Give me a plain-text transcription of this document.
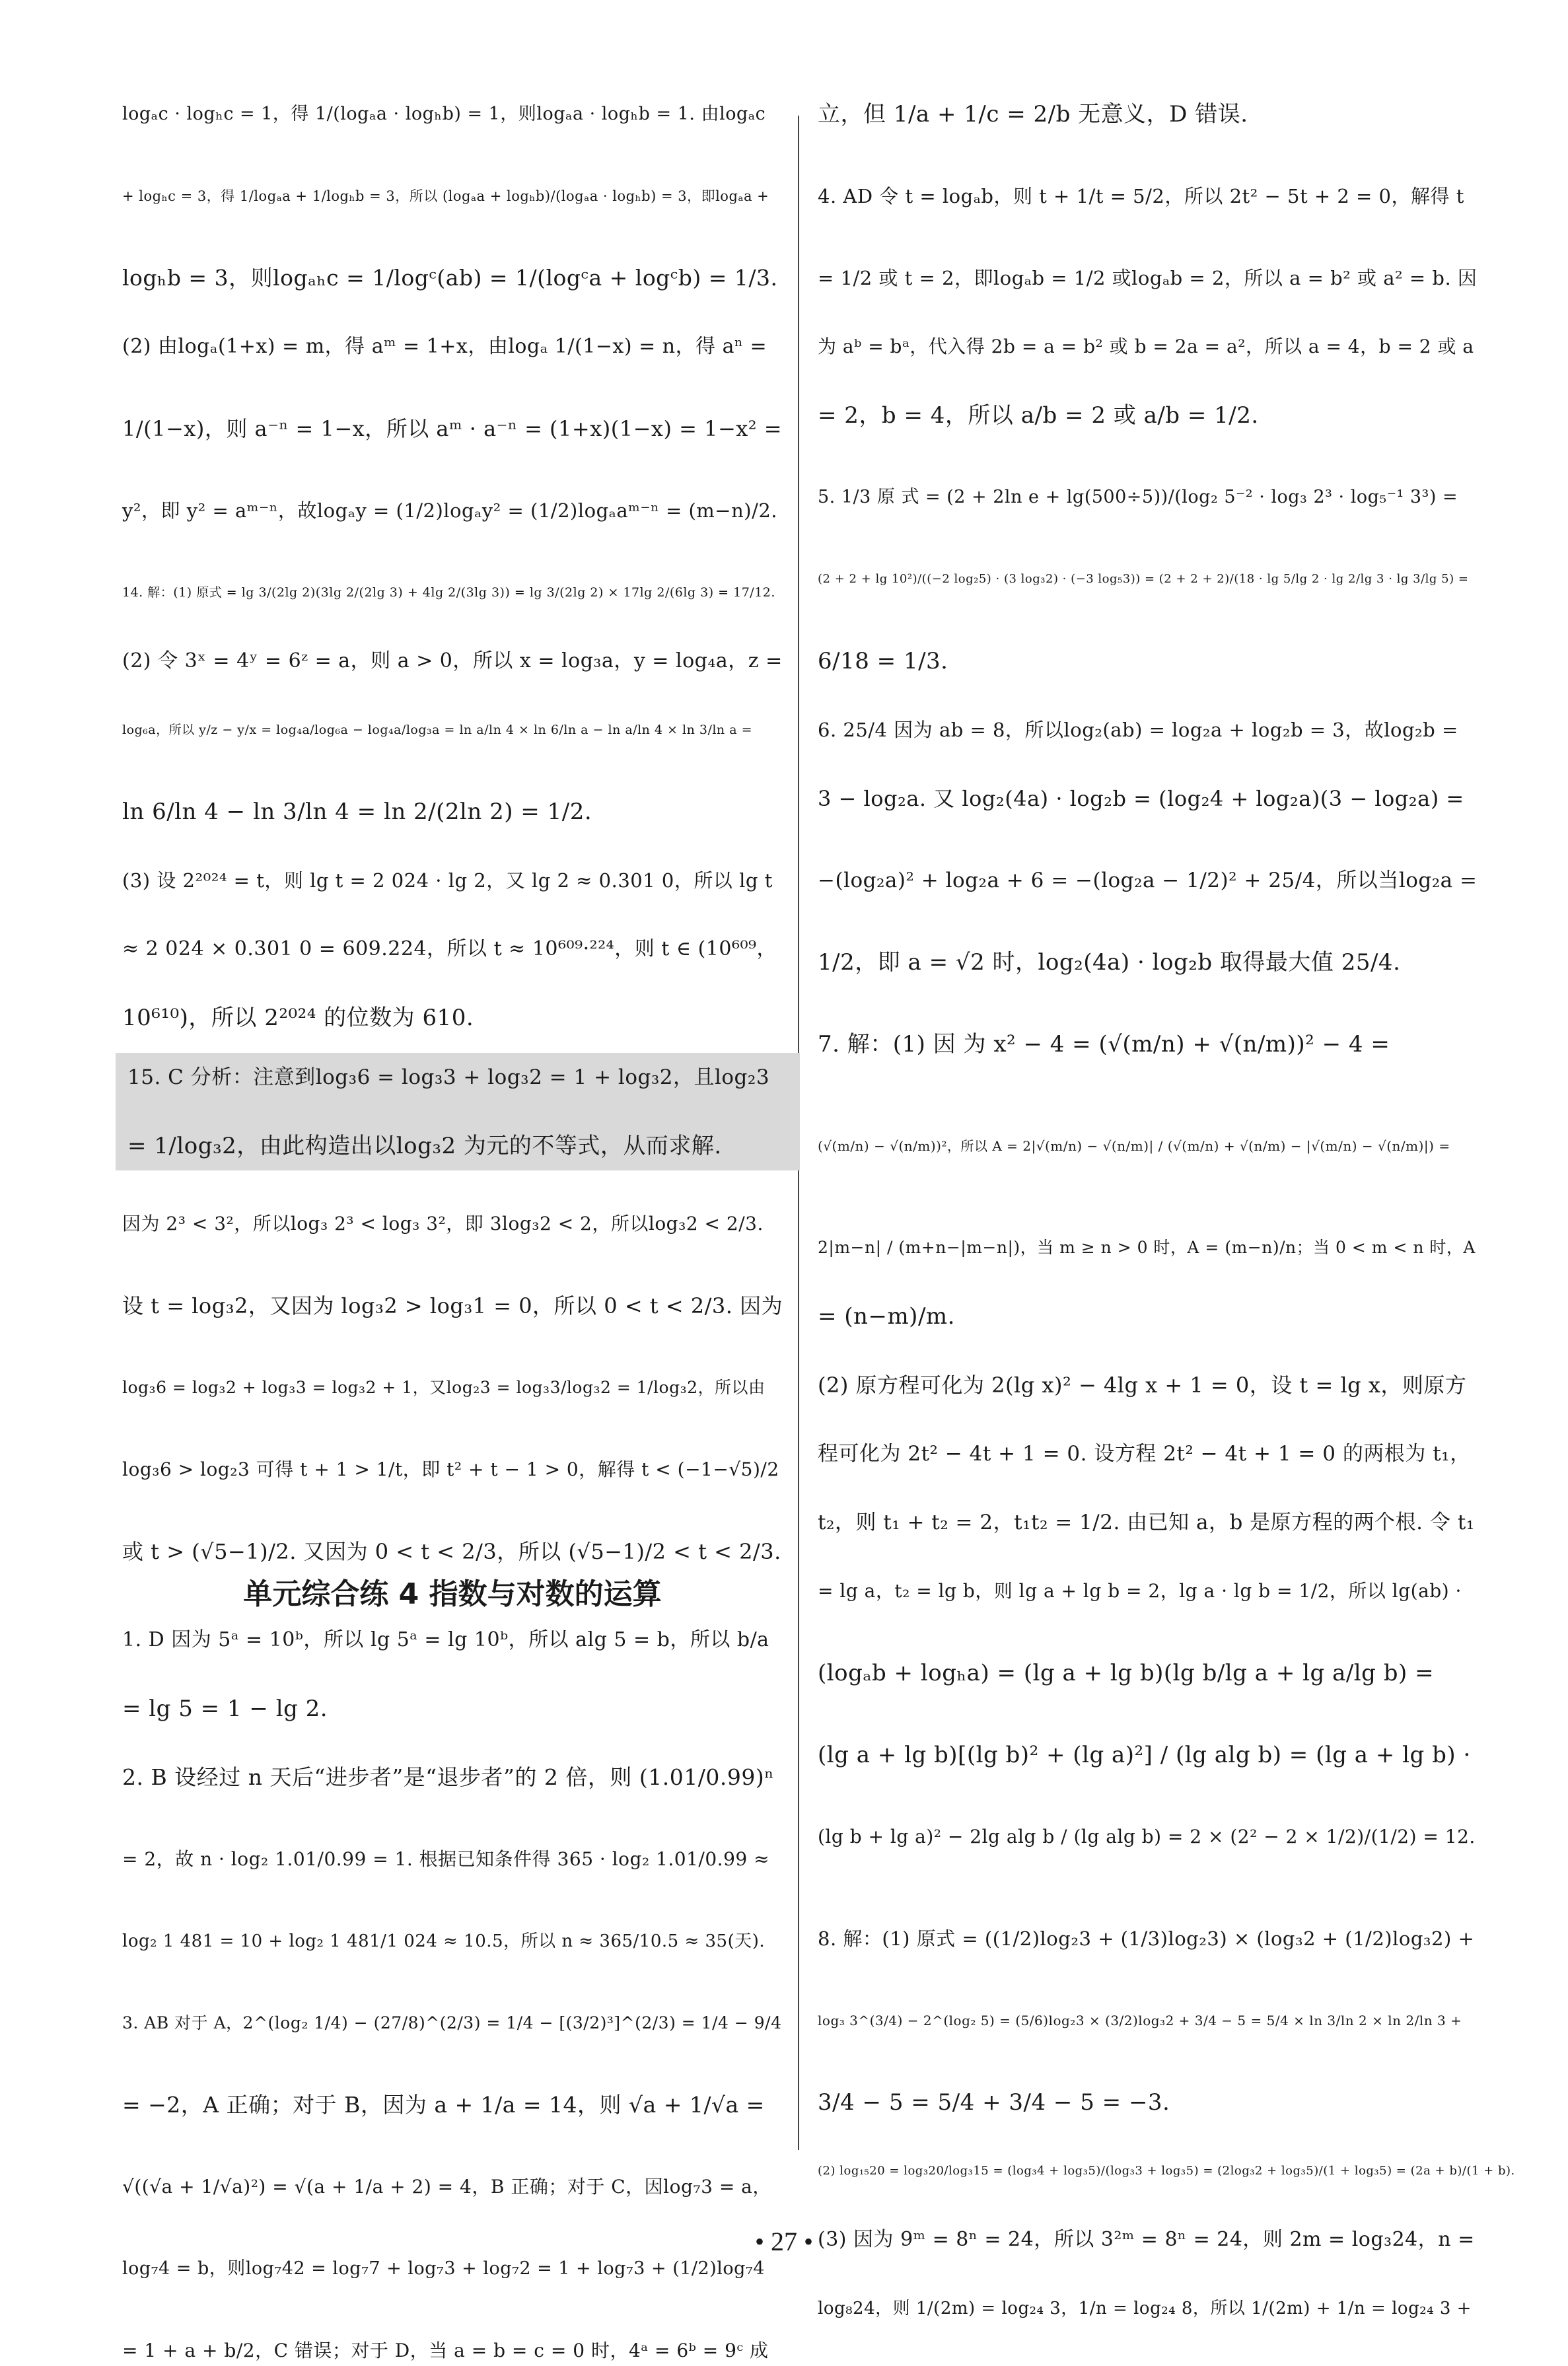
logₐc · logₕc = 1，得 1/(logₐa · logₕb) = 1，则logₐa · logₕb = 1. 由logₐc

+ logₕc = 3，得 1/logₐa + 1/logₕb = 3，所以 (logₐa + logₕb)/(logₐa · logₕb) = 3，即logₐa +

logₕb = 3，则logₐₕc = 1/logᶜ(ab) = 1/(logᶜa + logᶜb) = 1/3.

(2) 由logₐ(1+x) = m，得 aᵐ = 1+x，由logₐ 1/(1−x) = n，得 aⁿ =

1/(1−x)，则 a⁻ⁿ = 1−x，所以 aᵐ · a⁻ⁿ = (1+x)(1−x) = 1−x² =

y²，即 y² = aᵐ⁻ⁿ，故logₐy = (1/2)logₐy² = (1/2)logₐaᵐ⁻ⁿ = (m−n)/2.

14. 解：(1) 原式 = lg 3/(2lg 2)(3lg 2/(2lg 3) + 4lg 2/(3lg 3)) = lg 3/(2lg 2) × 17lg 2/(6lg 3) = 17/12.

(2) 令 3ˣ = 4ʸ = 6ᶻ = a，则 a > 0，所以 x = log₃a，y = log₄a，z =

log₆a，所以 y/z − y/x = log₄a/log₆a − log₄a/log₃a = ln a/ln 4 × ln 6/ln a − ln a/ln 4 × ln 3/ln a =

ln 6/ln 4 − ln 3/ln 4 = ln 2/(2ln 2) = 1/2.

(3) 设 2²⁰²⁴ = t，则 lg t = 2 024 · lg 2，又 lg 2 ≈ 0.301 0，所以 lg t

≈ 2 024 × 0.301 0 = 609.224，所以 t ≈ 10⁶⁰⁹·²²⁴，则 t ∈ (10⁶⁰⁹，

10⁶¹⁰)，所以 2²⁰²⁴ 的位数为 610.

15. C 分析：注意到log₃6 = log₃3 + log₃2 = 1 + log₃2，且log₂3

= 1/log₃2，由此构造出以log₃2 为元的不等式，从而求解.

因为 2³ < 3²，所以log₃ 2³ < log₃ 3²，即 3log₃2 < 2，所以log₃2 < 2/3.

设 t = log₃2，又因为 log₃2 > log₃1 = 0，所以 0 < t < 2/3. 因为

log₃6 = log₃2 + log₃3 = log₃2 + 1，又log₂3 = log₃3/log₃2 = 1/log₃2，所以由

log₃6 > log₂3 可得 t + 1 > 1/t，即 t² + t − 1 > 0，解得 t < (−1−√5)/2

或 t > (√5−1)/2. 又因为 0 < t < 2/3，所以 (√5−1)/2 < t < 2/3.

单元综合练 4 指数与对数的运算

1. D 因为 5ᵃ = 10ᵇ，所以 lg 5ᵃ = lg 10ᵇ，所以 alg 5 = b，所以 b/a

= lg 5 = 1 − lg 2.

2. B 设经过 n 天后“进步者”是“退步者”的 2 倍，则 (1.01/0.99)ⁿ

= 2，故 n · log₂ 1.01/0.99 = 1. 根据已知条件得 365 · log₂ 1.01/0.99 ≈

log₂ 1 481 = 10 + log₂ 1 481/1 024 ≈ 10.5，所以 n ≈ 365/10.5 ≈ 35(天).

3. AB 对于 A，2^(log₂ 1/4) − (27/8)^(2/3) = 1/4 − [(3/2)³]^(2/3) = 1/4 − 9/4

= −2，A 正确；对于 B，因为 a + 1/a = 14，则 √a + 1/√a =

√((√a + 1/√a)²) = √(a + 1/a + 2) = 4，B 正确；对于 C，因log₇3 = a，

log₇4 = b，则log₇42 = log₇7 + log₇3 + log₇2 = 1 + log₇3 + (1/2)log₇4

= 1 + a + b/2，C 错误；对于 D，当 a = b = c = 0 时，4ᵃ = 6ᵇ = 9ᶜ 成

立，但 1/a + 1/c = 2/b 无意义，D 错误.

4. AD 令 t = logₐb，则 t + 1/t = 5/2，所以 2t² − 5t + 2 = 0，解得 t

= 1/2 或 t = 2，即logₐb = 1/2 或logₐb = 2，所以 a = b² 或 a² = b. 因

为 aᵇ = bᵃ，代入得 2b = a = b² 或 b = 2a = a²，所以 a = 4，b = 2 或 a

= 2，b = 4，所以 a/b = 2 或 a/b = 1/2.

5. 1/3 原 式 = (2 + 2ln e + lg(500÷5))/(log₂ 5⁻² · log₃ 2³ · log₅⁻¹ 3³) =

(2 + 2 + lg 10²)/((−2 log₂5) · (3 log₃2) · (−3 log₅3)) = (2 + 2 + 2)/(18 · lg 5/lg 2 · lg 2/lg 3 · lg 3/lg 5) =

6/18 = 1/3.

6. 25/4 因为 ab = 8，所以log₂(ab) = log₂a + log₂b = 3，故log₂b =

3 − log₂a. 又 log₂(4a) · log₂b = (log₂4 + log₂a)(3 − log₂a) =

−(log₂a)² + log₂a + 6 = −(log₂a − 1/2)² + 25/4，所以当log₂a =

1/2，即 a = √2 时，log₂(4a) · log₂b 取得最大值 25/4.

7. 解：(1) 因 为 x² − 4 = (√(m/n) + √(n/m))² − 4 =

(√(m/n) − √(n/m))²，所以 A = 2|√(m/n) − √(n/m)| / (√(m/n) + √(n/m) − |√(m/n) − √(n/m)|) =

2|m−n| / (m+n−|m−n|)，当 m ≥ n > 0 时，A = (m−n)/n；当 0 < m < n 时，A

= (n−m)/m.

(2) 原方程可化为 2(lg x)² − 4lg x + 1 = 0，设 t = lg x，则原方

程可化为 2t² − 4t + 1 = 0. 设方程 2t² − 4t + 1 = 0 的两根为 t₁，

t₂，则 t₁ + t₂ = 2，t₁t₂ = 1/2. 由已知 a，b 是原方程的两个根. 令 t₁

= lg a，t₂ = lg b，则 lg a + lg b = 2，lg a · lg b = 1/2，所以 lg(ab) ·

(logₐb + logₕa) = (lg a + lg b)(lg b/lg a + lg a/lg b) =

(lg a + lg b)[(lg b)² + (lg a)²] / (lg alg b) = (lg a + lg b) ·

(lg b + lg a)² − 2lg alg b / (lg alg b) = 2 × (2² − 2 × 1/2)/(1/2) = 12.

8. 解：(1) 原式 = ((1/2)log₂3 + (1/3)log₂3) × (log₃2 + (1/2)log₃2) +

log₃ 3^(3/4) − 2^(log₂ 5) = (5/6)log₂3 × (3/2)log₃2 + 3/4 − 5 = 5/4 × ln 3/ln 2 × ln 2/ln 3 +

3/4 − 5 = 5/4 + 3/4 − 5 = −3.

(2) log₁₅20 = log₃20/log₃15 = (log₃4 + log₃5)/(log₃3 + log₃5) = (2log₃2 + log₃5)/(1 + log₃5) = (2a + b)/(1 + b).

(3) 因为 9ᵐ = 8ⁿ = 24，所以 3²ᵐ = 8ⁿ = 24，则 2m = log₃24，n =

log₈24，则 1/(2m) = log₂₄ 3，1/n = log₂₄ 8，所以 1/(2m) + 1/n = log₂₄ 3 +

• 27 •
